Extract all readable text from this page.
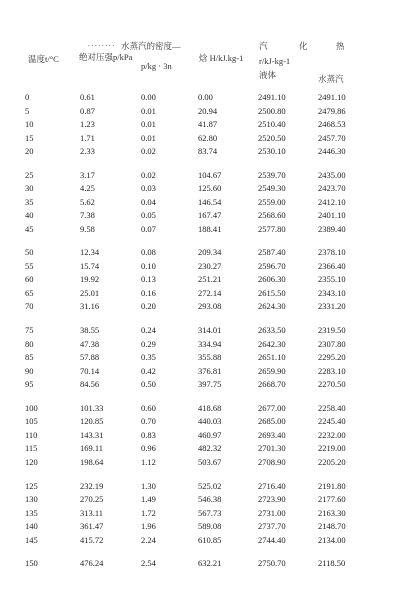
温度t/°C
. . . . . . . . 水蒸汽的密度—
绝对压强p/kPa
p/kg · 3n
焓 H/kJ.kg-1
汽	化	热
r/kJ-kg-1
液体	水蒸汽
0	0.61	0.00	0.00	2491.10	2491.10
5	0.87	0.01	20.94	2500.80	2479.86
10	1.23	0.01	41.87	2510.40	2468.53
15	1.71	0.01	62.80	2520.50	2457.70
20	2.33	0.02	83.74	2530.10	2446.30
25	3.17	0.02	104.67	2539.70	2435.00
30	4.25	0.03	125.60	2549.30	2423.70
35	5.62	0.04	146.54	2559.00	2412.10
40	7.38	0.05	167.47	2568.60	2401.10
45	9.58	0.07	188.41	2577.80	2389.40
50	12.34	0.08	209.34	2587.40	2378.10
55	15.74	0.10	230.27	2596.70	2366.40
60	19.92	0.13	251.21	2606.30	2355.10
65	25.01	0.16	272.14	2615.50	2343.10
70	31.16	0.20	293.08	2624.30	2331.20
75	38.55	0.24	314.01	2633.50	2319.50
80	47.38	0.29	334.94	2642.30	2307.80
85	57.88	0.35	355.88	2651.10	2295.20
90	70.14	0.42	376.81	2659.90	2283.10
95	84.56	0.50	397.75	2668.70	2270.50
100	101.33	0.60	418.68	2677.00	2258.40
105	120.85	0.70	440.03	2685.00	2245.40
110	143.31	0.83	460.97	2693.40	2232.00
115	169.11	0.96	482.32	2701.30	2219.00
120	198.64	1.12	503.67	2708.90	2205.20
125	232.19	1.30	525.02	2716.40	2191.80
130	270.25	1.49	546.38	2723.90	2177.60
135	313.11	1.72	567.73	2731.00	2163.30
140	361.47	1.96	589.08	2737.70	2148.70
145	415.72	2.24	610.85	2744.40	2134.00
150	476.24	2.54	632.21	2750.70	2118.50
